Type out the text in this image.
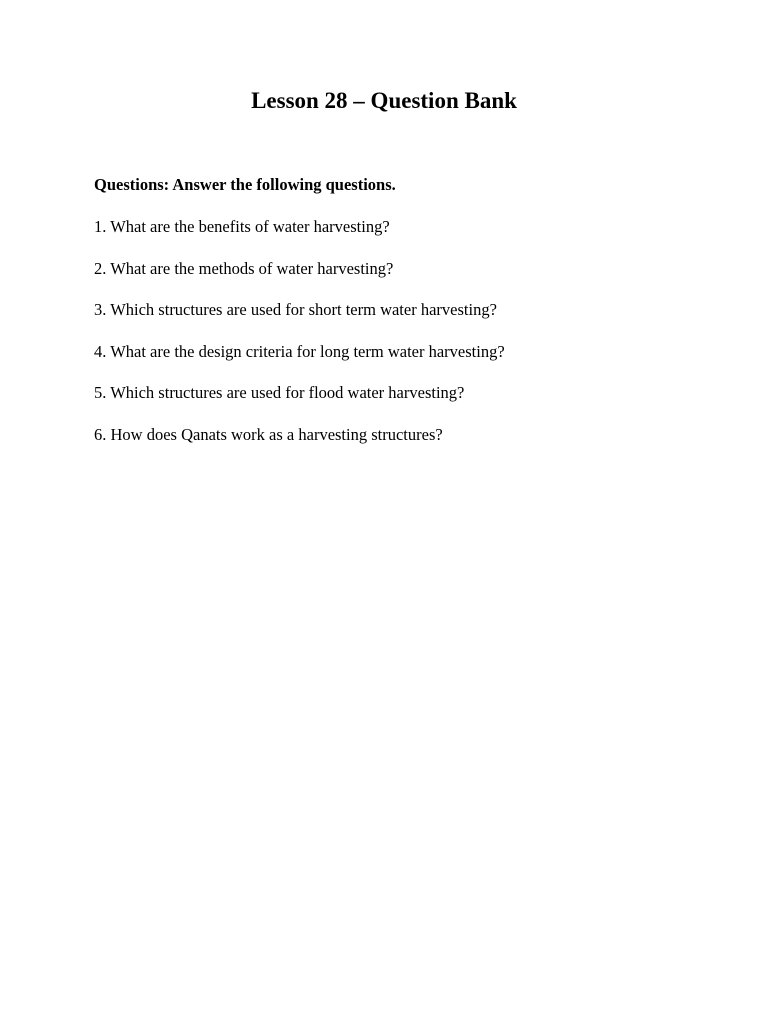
Lesson 28 – Question Bank

Questions: Answer the following questions.

1. What are the benefits of water harvesting?
2. What are the methods of water harvesting?
3. Which structures are used for short term water harvesting?
4. What are the design criteria for long term water harvesting?
5. Which structures are used for flood water harvesting?
6. How does Qanats work as a harvesting structures?
